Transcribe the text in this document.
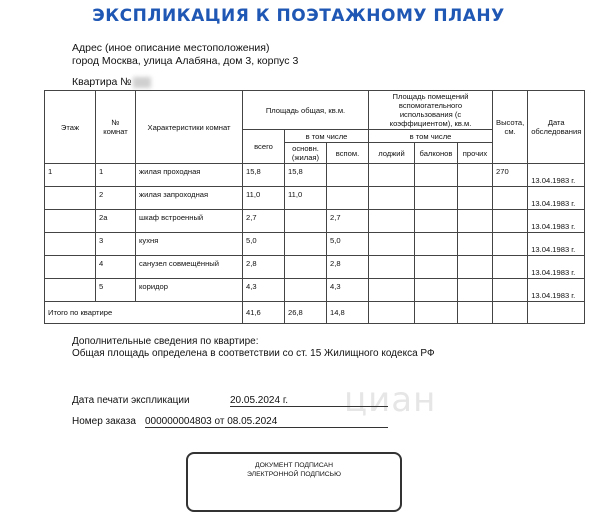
ЭКСПЛИКАЦИЯ К ПОЭТАЖНОМУ ПЛАНУ
Адрес (иное описание местоположения)
город Москва, улица Алабяна, дом 3, корпус 3
Квартира №
Этаж	№ комнат	Характеристики комнат	Площадь общая, кв.м.			Площадь помещений вспомогательного использования (с коэффициентом), кв.м.			Высота, см.	Дата обследования
			всего	в том числе		в том числе				
				основн. (жилая)	вспом.	лоджий	балконов	прочих		
1	1	жилая проходная	15,8	15,8					270	13.04.1983 г.
	2	жилая запроходная	11,0	11,0						13.04.1983 г.
	2а	шкаф встроенный	2,7		2,7					13.04.1983 г.
	3	кухня	5,0		5,0					13.04.1983 г.
	4	санузел совмещённый	2,8		2,8					13.04.1983 г.
	5	коридор	4,3		4,3					13.04.1983 г.
Итого по квартире			41,6	26,8	14,8					
Дополнительные сведения по квартире:
Общая площадь определена в соответствии со ст. 15 Жилищного кодекса РФ
циан
Дата печати экспликации	20.05.2024 г.
Номер заказа 000000004803 от 08.05.2024
ДОКУМЕНТ ПОДПИСАН
ЭЛЕКТРОННОЙ ПОДПИСЬЮ
